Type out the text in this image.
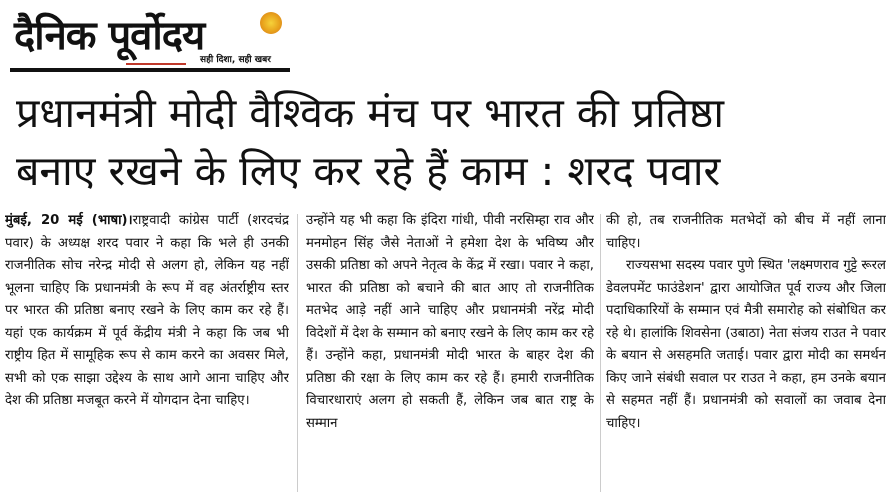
दैनिक पूर्वोदय
सही दिशा, सही खबर
प्रधानमंत्री मोदी वैश्विक मंच पर भारत की प्रतिष्ठा
बनाए रखने के लिए कर रहे हैं काम : शरद पवार

मुंबई, 20 मई (भाषा)।राष्ट्रवादी कांग्रेस पार्टी (शरदचंद्र पवार) के अध्यक्ष शरद पवार ने कहा कि भले ही उनकी राजनीतिक सोच नरेन्द्र मोदी से अलग हो, लेकिन यह नहीं भूलना चाहिए कि प्रधानमंत्री के रूप में वह अंतर्राष्ट्रीय स्तर पर भारत की प्रतिष्ठा बनाए रखने के लिए काम कर रहे हैं। यहां एक कार्यक्रम में पूर्व केंद्रीय मंत्री ने कहा कि जब भी राष्ट्रीय हित में सामूहिक रूप से काम करने का अवसर मिले, सभी को एक साझा उद्देश्य के साथ आगे आना चाहिए और देश की प्रतिष्ठा मजबूत करने में योगदान देना चाहिए।

उन्होंने यह भी कहा कि इंदिरा गांधी, पीवी नरसिम्हा राव और मनमोहन सिंह जैसे नेताओं ने हमेशा देश के भविष्य और उसकी प्रतिष्ठा को अपने नेतृत्व के केंद्र में रखा। पवार ने कहा, भारत की प्रतिष्ठा को बचाने की बात आए तो राजनीतिक मतभेद आड़े नहीं आने चाहिए और प्रधानमंत्री नरेंद्र मोदी विदेशों में देश के सम्मान को बनाए रखने के लिए काम कर रहे हैं। उन्होंने कहा, प्रधानमंत्री मोदी भारत के बाहर देश की प्रतिष्ठा की रक्षा के लिए काम कर रहे हैं। हमारी राजनीतिक विचारधाराएं अलग हो सकती हैं, लेकिन जब बात राष्ट्र के सम्मान

की हो, तब राजनीतिक मतभेदों को बीच में नहीं लाना चाहिए।

राज्यसभा सदस्य पवार पुणे स्थित 'लक्ष्मणराव गुट्टे रूरल डेवलपमेंट फाउंडेशन' द्वारा आयोजित पूर्व राज्य और जिला पदाधिकारियों के सम्मान एवं मैत्री समारोह को संबोधित कर रहे थे। हालांकि शिवसेना (उबाठा) नेता संजय राउत ने पवार के बयान से असहमति जताई। पवार द्वारा मोदी का समर्थन किए जाने संबंधी सवाल पर राउत ने कहा, हम उनके बयान से सहमत नहीं हैं। प्रधानमंत्री को सवालों का जवाब देना चाहिए।
